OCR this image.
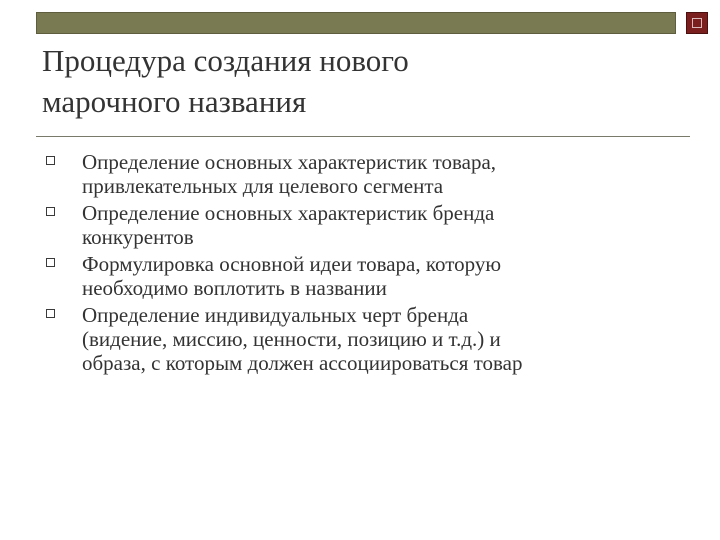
Процедура создания нового
марочного названия
Определение основных характеристик товара,
привлекательных для целевого сегмента
Определение основных характеристик бренда
конкурентов
Формулировка основной идеи товара, которую
необходимо воплотить в названии
Определение индивидуальных черт бренда
(видение, миссию, ценности, позицию и т.д.) и
образа, с которым должен ассоциироваться товар
